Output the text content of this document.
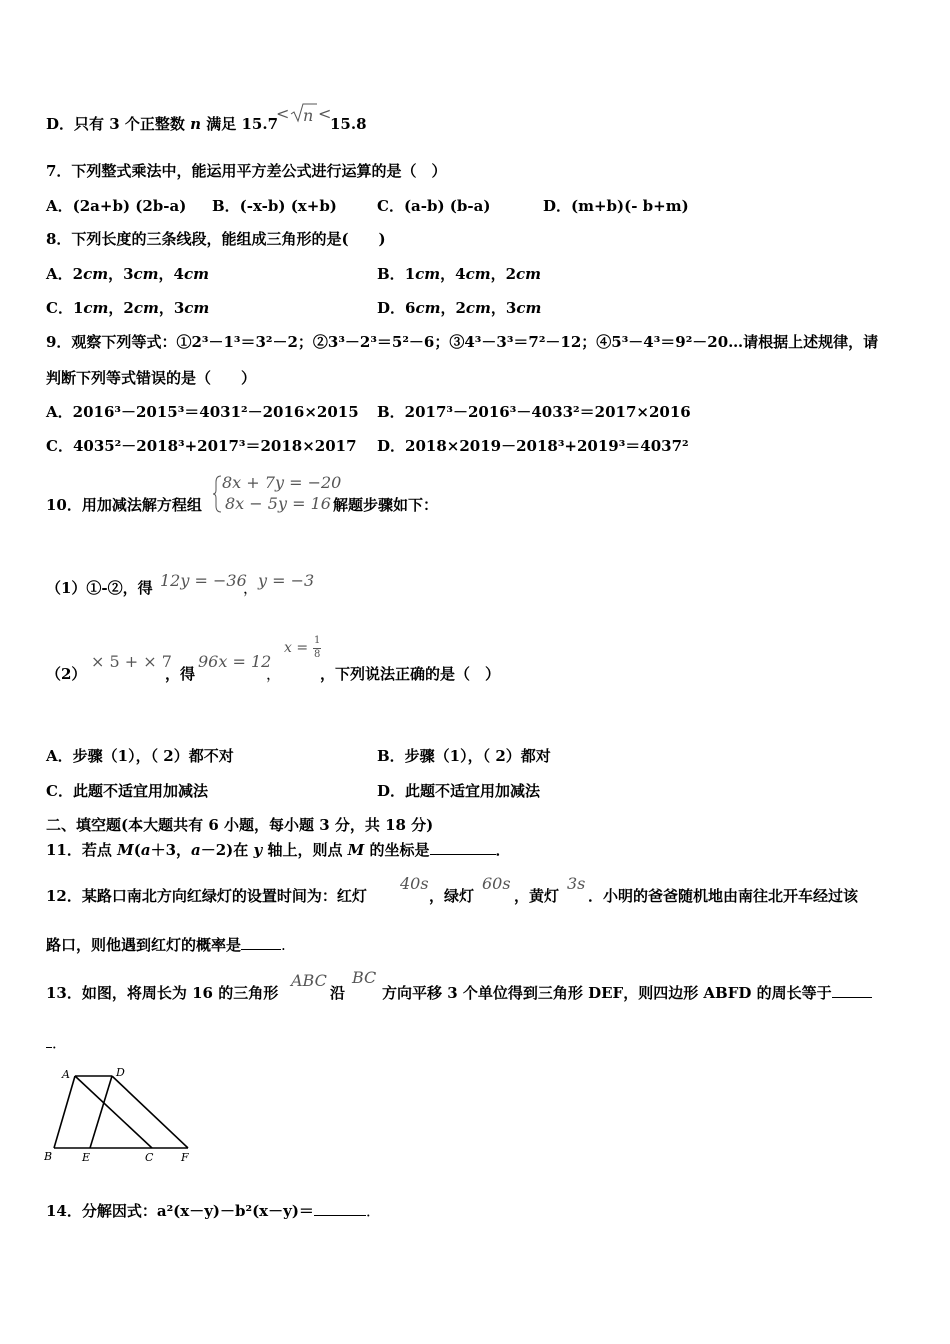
D．只有 3 个正整数 n 满足 15.7
< n <
15.8
7．下列整式乘法中，能运用平方差公式进行运算的是（　）
A．(2a+b) (2b-a) B．(-x-b) (x+b)	C．(a-b) (b-a)	D．(m+b)(- b+m)
8．下列长度的三条线段，能组成三角形的是(　　)
A．2cm，3cm，4cm	B．1cm，4cm，2cm
C．1cm，2cm，3cm	D．6cm，2cm，3cm
9．观察下列等式：①2³－1³＝3²－2；②3³－2³＝5²－6；③4³－3³＝7²－12；④5³－4³＝9²－20…请根据上述规律，请
判断下列等式错误的是（　　）
A．2016³－2015³＝4031²－2016×2015 B．2017³－2016³－4033²＝2017×2016
C．4035²－2018³+2017³＝2018×2017 D．2018×2019－2018³+2019³＝4037²
10．用加减法解方程组
8x + 7y = −20
8x − 5y = 16 解题步骤如下：
（1）①-②，得 12y = −36
， y = −3
（2）
× 5 + × 7
，得
96x = 12
，
x = 1
8
，下列说法正确的是（　）
A．步骤（1），（ 2）都不对	B．步骤（1），（ 2）都对
C．此题不适宜用加减法	D．此题不适宜用加减法
二、填空题(本大题共有 6 小题，每小题 3 分，共 18 分)
11．若点 M(a＋3，a－2)在 y 轴上，则点 M 的坐标是	．
12．某路口南北方向红绿灯的设置时间为：红灯
40s
，绿灯
60s
，黄灯
3s
．小明的爸爸随机地由南往北开车经过该
路口，则他遇到红灯的概率是	.
13．如图，将周长为 16 的三角形
ABC
沿
BC
方向平移 3 个单位得到三角形 DEF，则四边形 ABFD 的周长等于
．
A	D
B	E	C	F
14．分解因式：a²(x－y)－b²(x－y)＝	．
